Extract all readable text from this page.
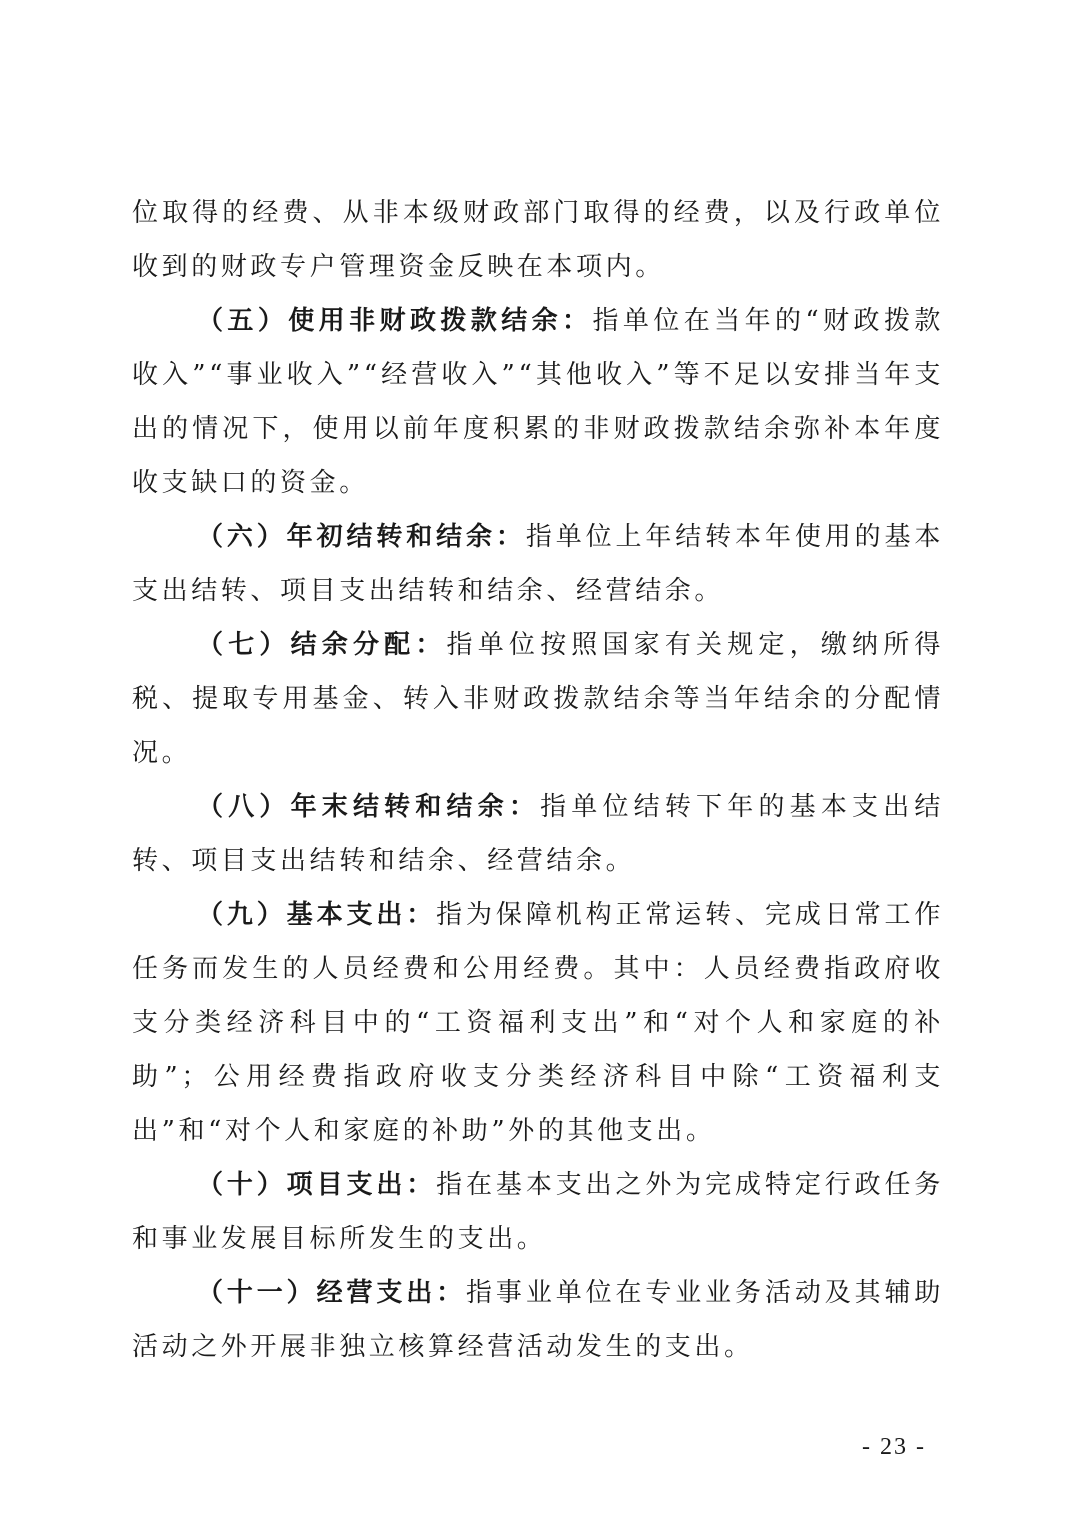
位取得的经费、从非本级财政部门取得的经费，以及行政单位收到的财政专户管理资金反映在本项内。

（五）使用非财政拨款结余：指单位在当年的“财政拨款收入”“事业收入”“经营收入”“其他收入”等不足以安排当年支出的情况下，使用以前年度积累的非财政拨款结余弥补本年度收支缺口的资金。

（六）年初结转和结余：指单位上年结转本年使用的基本支出结转、项目支出结转和结余、经营结余。

（七）结余分配：指单位按照国家有关规定，缴纳所得税、提取专用基金、转入非财政拨款结余等当年结余的分配情况。

（八）年末结转和结余：指单位结转下年的基本支出结转、项目支出结转和结余、经营结余。

（九）基本支出：指为保障机构正常运转、完成日常工作任务而发生的人员经费和公用经费。其中：人员经费指政府收支分类经济科目中的“工资福利支出”和“对个人和家庭的补助”；公用经费指政府收支分类经济科目中除“工资福利支出”和“对个人和家庭的补助”外的其他支出。

（十）项目支出：指在基本支出之外为完成特定行政任务和事业发展目标所发生的支出。

（十一）经营支出：指事业单位在专业业务活动及其辅助活动之外开展非独立核算经营活动发生的支出。

- 23 -
